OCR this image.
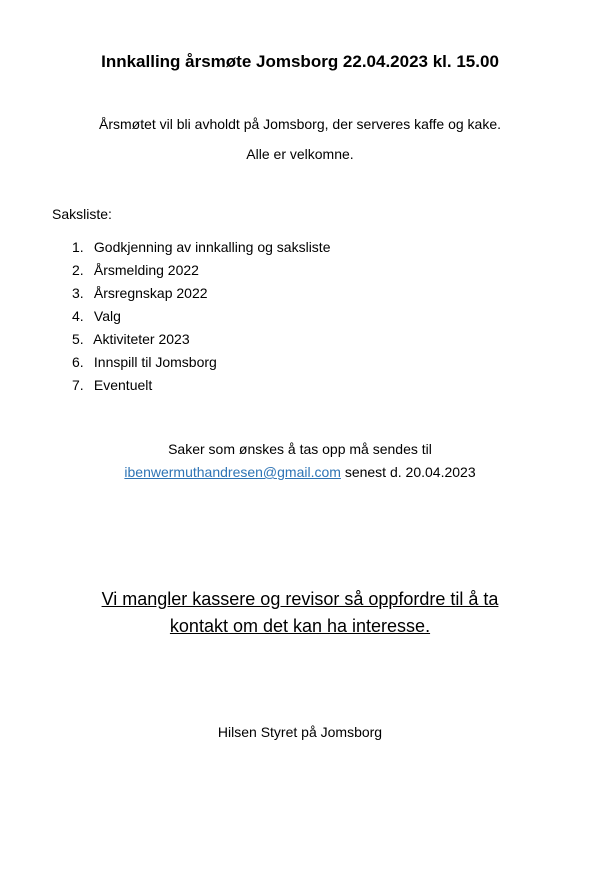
Innkalling årsmøte Jomsborg 22.04.2023 kl. 15.00
Årsmøtet vil bli avholdt på Jomsborg, der serveres kaffe og kake.
Alle er velkomne.
Saksliste:
1. Godkjenning av innkalling og saksliste
2. Årsmelding 2022
3. Årsregnskap 2022
4. Valg
5. Aktiviteter 2023
6. Innspill til Jomsborg
7. Eventuelt
Saker som ønskes å tas opp må sendes til
ibenwermuthandresen@gmail.com senest d. 20.04.2023
Vi mangler kassere og revisor så oppfordre til å ta
kontakt om det kan ha interesse.
Hilsen Styret på Jomsborg
